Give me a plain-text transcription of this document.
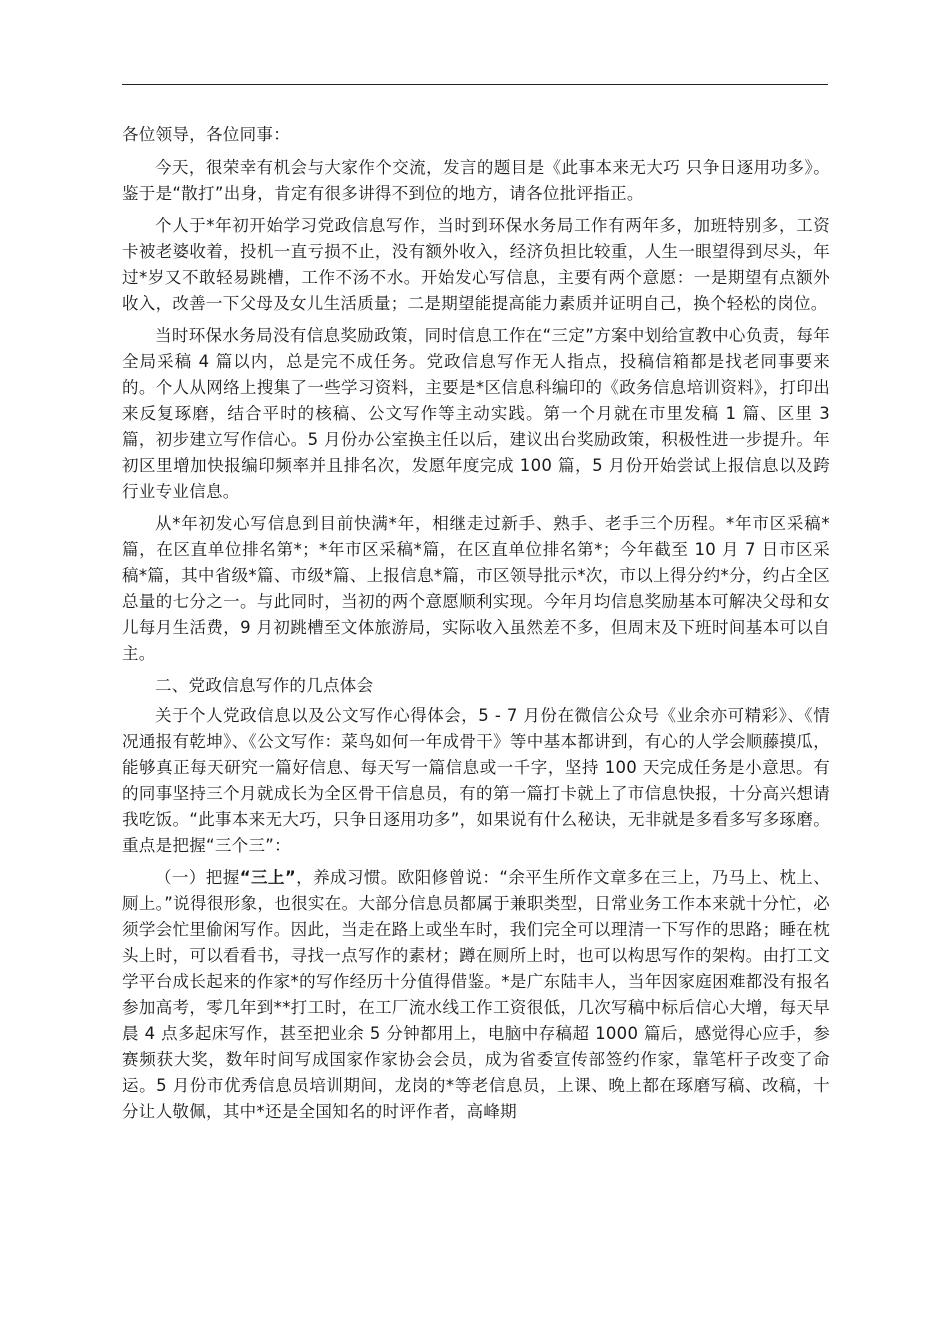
各位领导，各位同事：

今天，很荣幸有机会与大家作个交流，发言的题目是《此事本来无大巧 只争日逐用功多》。鉴于是“散打”出身，肯定有很多讲得不到位的地方，请各位批评指正。

个人于*年初开始学习党政信息写作，当时到环保水务局工作有两年多，加班特别多，工资卡被老婆收着，投机一直亏损不止，没有额外收入，经济负担比较重，人生一眼望得到尽头，年过*岁又不敢轻易跳槽，工作不汤不水。开始发心写信息，主要有两个意愿：一是期望有点额外收入，改善一下父母及女儿生活质量；二是期望能提高能力素质并证明自己，换个轻松的岗位。

当时环保水务局没有信息奖励政策，同时信息工作在“三定”方案中划给宣教中心负责，每年全局采稿 4 篇以内，总是完不成任务。党政信息写作无人指点，投稿信箱都是找老同事要来的。个人从网络上搜集了一些学习资料，主要是*区信息科编印的《政务信息培训资料》，打印出来反复琢磨，结合平时的核稿、公文写作等主动实践。第一个月就在市里发稿 1 篇、区里 3 篇，初步建立写作信心。5 月份办公室换主任以后，建议出台奖励政策，积极性进一步提升。年初区里增加快报编印频率并且排名次，发愿年度完成 100 篇，5 月份开始尝试上报信息以及跨行业专业信息。

从*年初发心写信息到目前快满*年，相继走过新手、熟手、老手三个历程。*年市区采稿*篇，在区直单位排名第*；*年市区采稿*篇，在区直单位排名第*；今年截至 10 月 7 日市区采稿*篇，其中省级*篇、市级*篇、上报信息*篇，市区领导批示*次，市以上得分约*分，约占全区总量的七分之一。与此同时，当初的两个意愿顺利实现。今年月均信息奖励基本可解决父母和女儿每月生活费，9 月初跳槽至文体旅游局，实际收入虽然差不多，但周末及下班时间基本可以自主。

二、党政信息写作的几点体会

关于个人党政信息以及公文写作心得体会，5 - 7 月份在微信公众号《业余亦可精彩》、《情况通报有乾坤》、《公文写作：菜鸟如何一年成骨干》等中基本都讲到，有心的人学会顺藤摸瓜，能够真正每天研究一篇好信息、每天写一篇信息或一千字，坚持 100 天完成任务是小意思。有的同事坚持三个月就成长为全区骨干信息员，有的第一篇打卡就上了市信息快报，十分高兴想请我吃饭。“此事本来无大巧，只争日逐用功多”，如果说有什么秘诀，无非就是多看多写多琢磨。重点是把握“三个三”：

（一）把握“三上”，养成习惯。欧阳修曾说：“余平生所作文章多在三上，乃马上、枕上、厕上。”说得很形象，也很实在。大部分信息员都属于兼职类型，日常业务工作本来就十分忙，必须学会忙里偷闲写作。因此，当走在路上或坐车时，我们完全可以理清一下写作的思路；睡在枕头上时，可以看看书，寻找一点写作的素材；蹲在厕所上时，也可以构思写作的架构。由打工文学平台成长起来的作家*的写作经历十分值得借鉴。*是广东陆丰人，当年因家庭困难都没有报名参加高考，零几年到**打工时，在工厂流水线工作工资很低，几次写稿中标后信心大增，每天早晨 4 点多起床写作，甚至把业余 5 分钟都用上，电脑中存稿超 1000 篇后，感觉得心应手，参赛频获大奖，数年时间写成国家作家协会会员，成为省委宣传部签约作家，靠笔杆子改变了命运。5 月份市优秀信息员培训期间，龙岗的*等老信息员，上课、晚上都在琢磨写稿、改稿，十分让人敬佩，其中*还是全国知名的时评作者，高峰期
